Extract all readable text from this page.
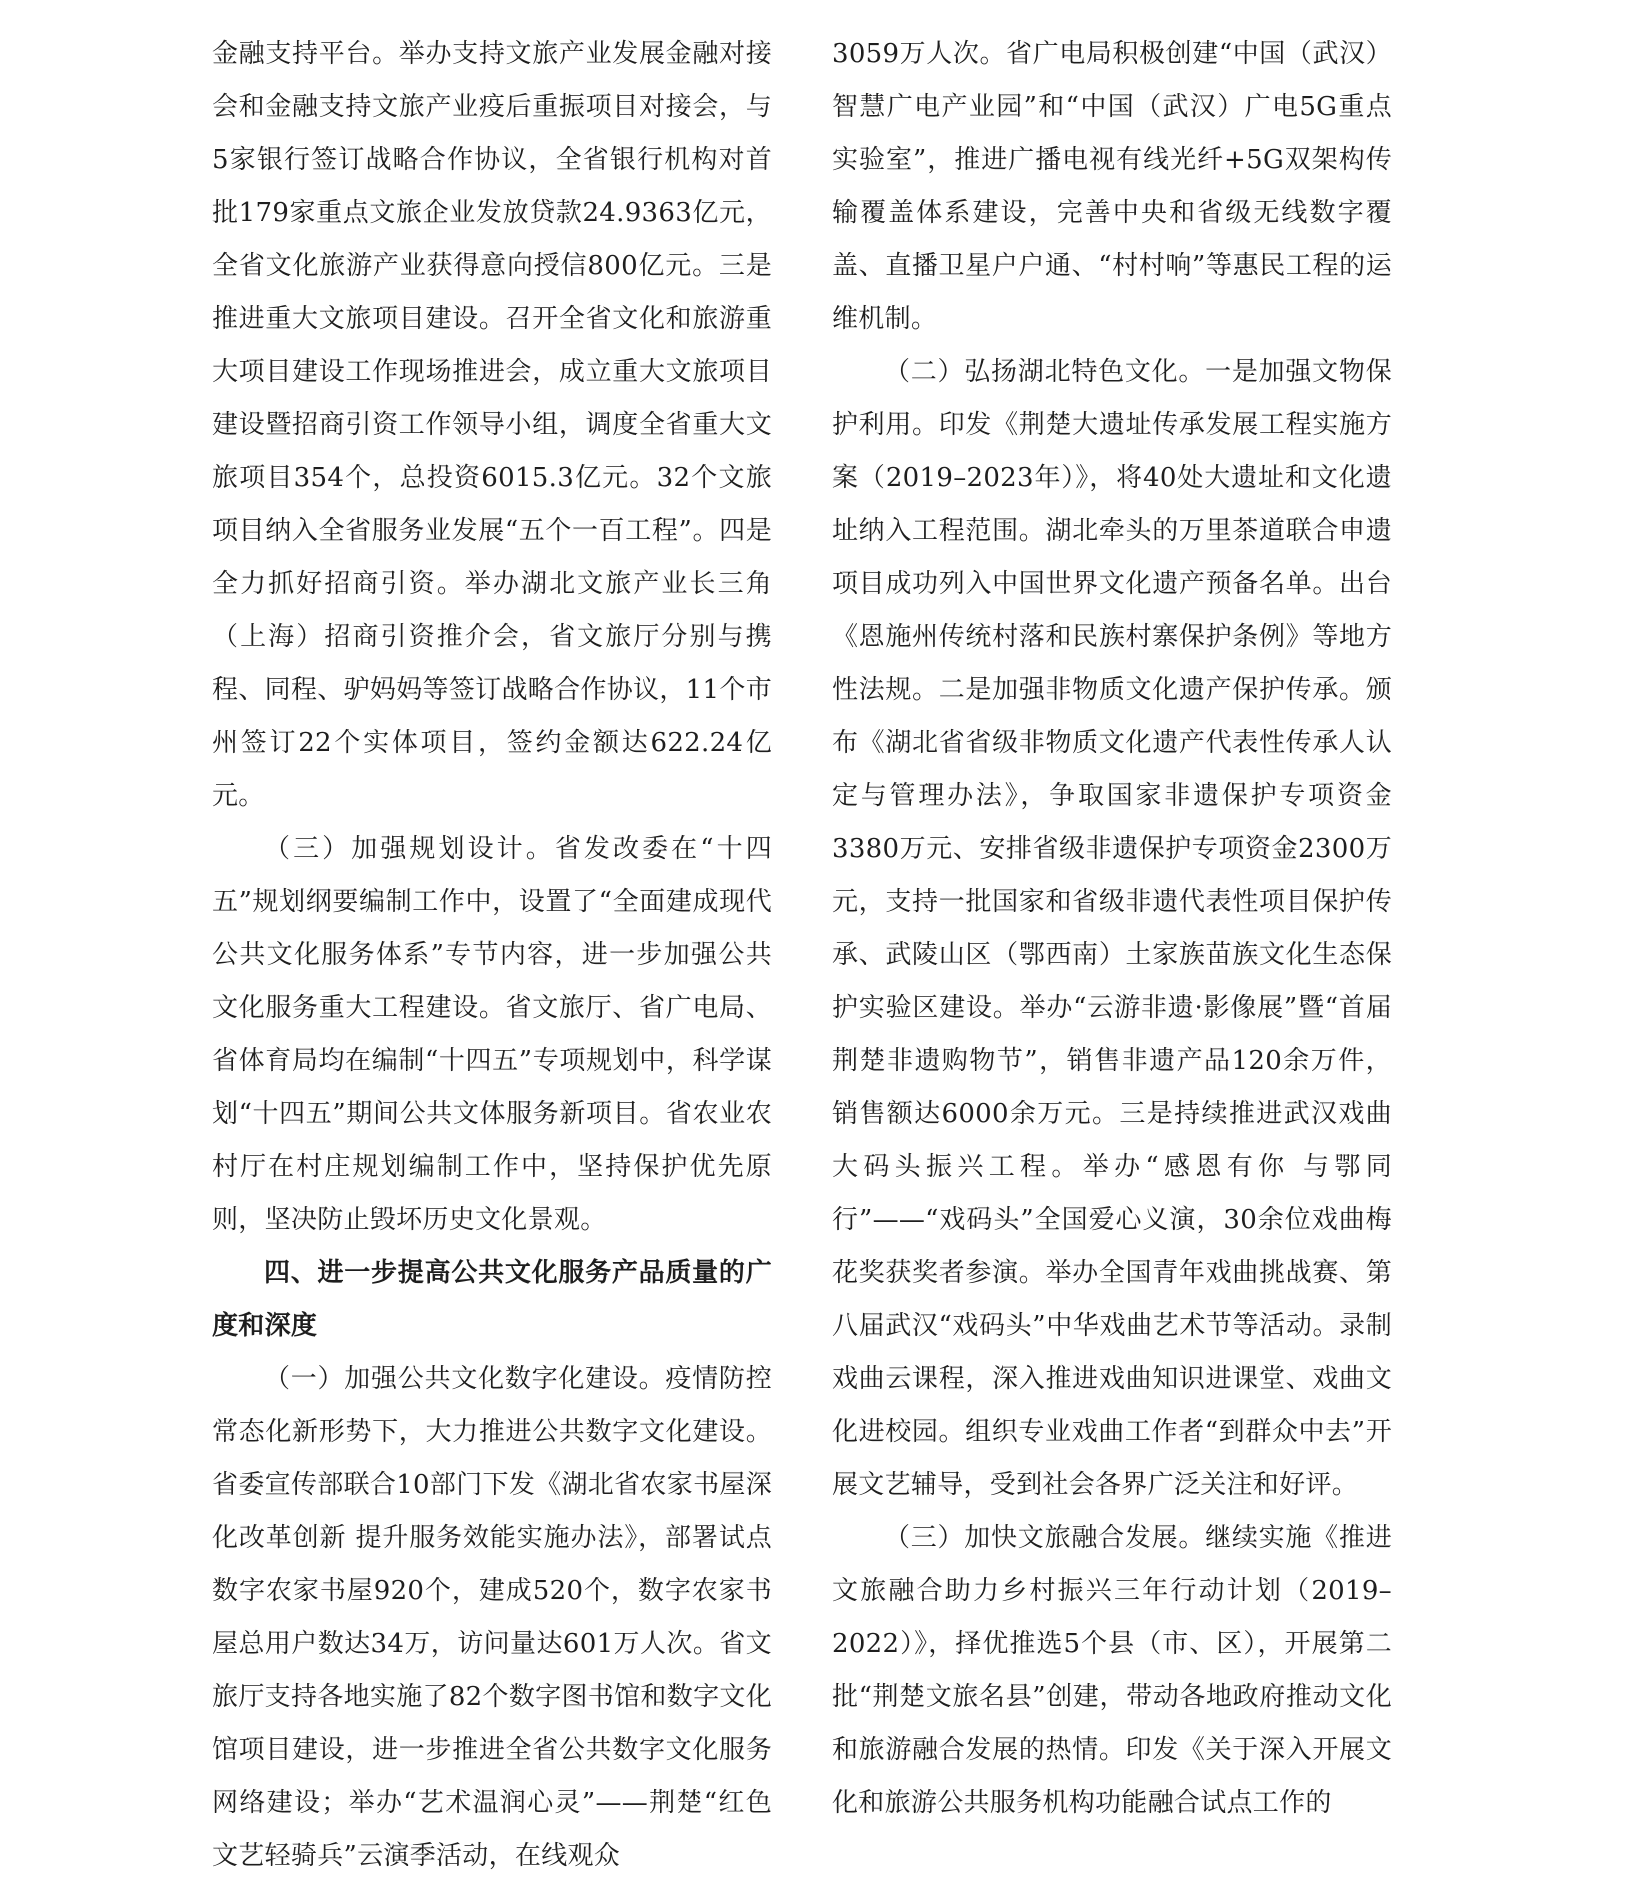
金融支持平台。举办支持文旅产业发展金融对接会和金融支持文旅产业疫后重振项目对接会，与5家银行签订战略合作协议，全省银行机构对首批179家重点文旅企业发放贷款24.9363亿元，全省文化旅游产业获得意向授信800亿元。三是推进重大文旅项目建设。召开全省文化和旅游重大项目建设工作现场推进会，成立重大文旅项目建设暨招商引资工作领导小组，调度全省重大文旅项目354个，总投资6015.3亿元。32个文旅项目纳入全省服务业发展“五个一百工程”。四是全力抓好招商引资。举办湖北文旅产业长三角（上海）招商引资推介会，省文旅厅分别与携程、同程、驴妈妈等签订战略合作协议，11个市州签订22个实体项目，签约金额达622.24亿元。

（三）加强规划设计。省发改委在“十四五”规划纲要编制工作中，设置了“全面建成现代公共文化服务体系”专节内容，进一步加强公共文化服务重大工程建设。省文旅厅、省广电局、省体育局均在编制“十四五”专项规划中，科学谋划“十四五”期间公共文体服务新项目。省农业农村厅在村庄规划编制工作中，坚持保护优先原则，坚决防止毁坏历史文化景观。

四、进一步提高公共文化服务产品质量的广度和深度

（一）加强公共文化数字化建设。疫情防控常态化新形势下，大力推进公共数字文化建设。省委宣传部联合10部门下发《湖北省农家书屋深化改革创新 提升服务效能实施办法》，部署试点数字农家书屋920个，建成520个，数字农家书屋总用户数达34万，访问量达601万人次。省文旅厅支持各地实施了82个数字图书馆和数字文化馆项目建设，进一步推进全省公共数字文化服务网络建设；举办“艺术温润心灵”——荆楚“红色文艺轻骑兵”云演季活动，在线观众

3059万人次。省广电局积极创建“中国（武汉）智慧广电产业园”和“中国（武汉）广电5G重点实验室”，推进广播电视有线光纤+5G双架构传输覆盖体系建设，完善中央和省级无线数字覆盖、直播卫星户户通、“村村响”等惠民工程的运维机制。

（二）弘扬湖北特色文化。一是加强文物保护利用。印发《荆楚大遗址传承发展工程实施方案（2019–2023年）》，将40处大遗址和文化遗址纳入工程范围。湖北牵头的万里茶道联合申遗项目成功列入中国世界文化遗产预备名单。出台《恩施州传统村落和民族村寨保护条例》等地方性法规。二是加强非物质文化遗产保护传承。颁布《湖北省省级非物质文化遗产代表性传承人认定与管理办法》，争取国家非遗保护专项资金3380万元、安排省级非遗保护专项资金2300万元，支持一批国家和省级非遗代表性项目保护传承、武陵山区（鄂西南）土家族苗族文化生态保护实验区建设。举办“云游非遗·影像展”暨“首届荆楚非遗购物节”，销售非遗产品120余万件，销售额达6000余万元。三是持续推进武汉戏曲大码头振兴工程。举办“感恩有你 与鄂同行”——“戏码头”全国爱心义演，30余位戏曲梅花奖获奖者参演。举办全国青年戏曲挑战赛、第八届武汉“戏码头”中华戏曲艺术节等活动。录制戏曲云课程，深入推进戏曲知识进课堂、戏曲文化进校园。组织专业戏曲工作者“到群众中去”开展文艺辅导，受到社会各界广泛关注和好评。

（三）加快文旅融合发展。继续实施《推进文旅融合助力乡村振兴三年行动计划（2019–2022）》，择优推选5个县（市、区），开展第二批“荆楚文旅名县”创建，带动各地政府推动文化和旅游融合发展的热情。印发《关于深入开展文化和旅游公共服务机构功能融合试点工作的
